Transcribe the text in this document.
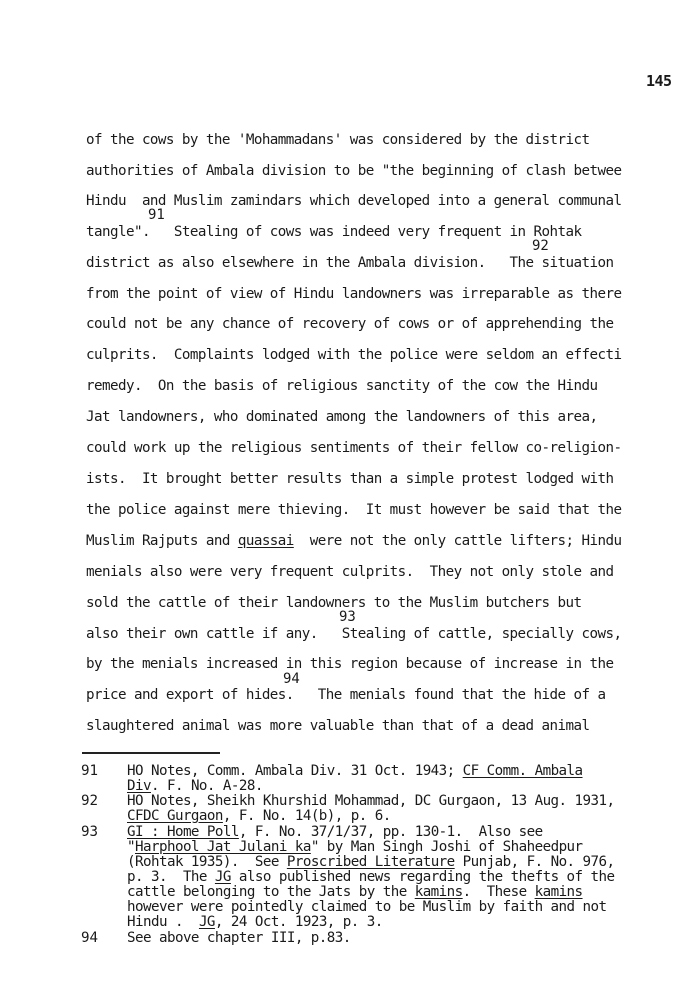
145
of the cows by the 'Mohammadans' was considered by the district
authorities of Ambala division to be "the beginning of clash betwee
Hindu  and Muslim zamindars which developed into a general communal
91
tangle".   Stealing of cows was indeed very frequent in Rohtak
92
district as also elsewhere in the Ambala division.   The situation
from the point of view of Hindu landowners was irreparable as there
could not be any chance of recovery of cows or of apprehending the
culprits.  Complaints lodged with the police were seldom an effecti
remedy.  On the basis of religious sanctity of the cow the Hindu
Jat landowners, who dominated among the landowners of this area,
could work up the religious sentiments of their fellow co-religion-
ists.  It brought better results than a simple protest lodged with
the police against mere thieving.  It must however be said that the
Muslim Rajputs and quassai  were not the only cattle lifters; Hindu
menials also were very frequent culprits.  They not only stole and
sold the cattle of their landowners to the Muslim butchers but
93
also their own cattle if any.   Stealing of cattle, specially cows,
by the menials increased in this region because of increase in the
94
price and export of hides.   The menials found that the hide of a
slaughtered animal was more valuable than that of a dead animal
91 HO Notes, Comm. Ambala Div. 31 Oct. 1943; CF Comm. Ambala
Div. F. No. A-28.
92 HO Notes, Sheikh Khurshid Mohammad, DC Gurgaon, 13 Aug. 1931,
CFDC Gurgaon, F. No. 14(b), p. 6.
93 GI : Home Poll, F. No. 37/1/37, pp. 130-1.  Also see
"Harphool Jat Julani ka" by Man Singh Joshi of Shaheedpur
(Rohtak 1935).  See Proscribed Literature Punjab, F. No. 976,
p. 3.  The JG also published news regarding the thefts of the
cattle belonging to the Jats by the kamins.  These kamins
however were pointedly claimed to be Muslim by faith and not
Hindu .  JG, 24 Oct. 1923, p. 3.
94 See above chapter III, p.83.
